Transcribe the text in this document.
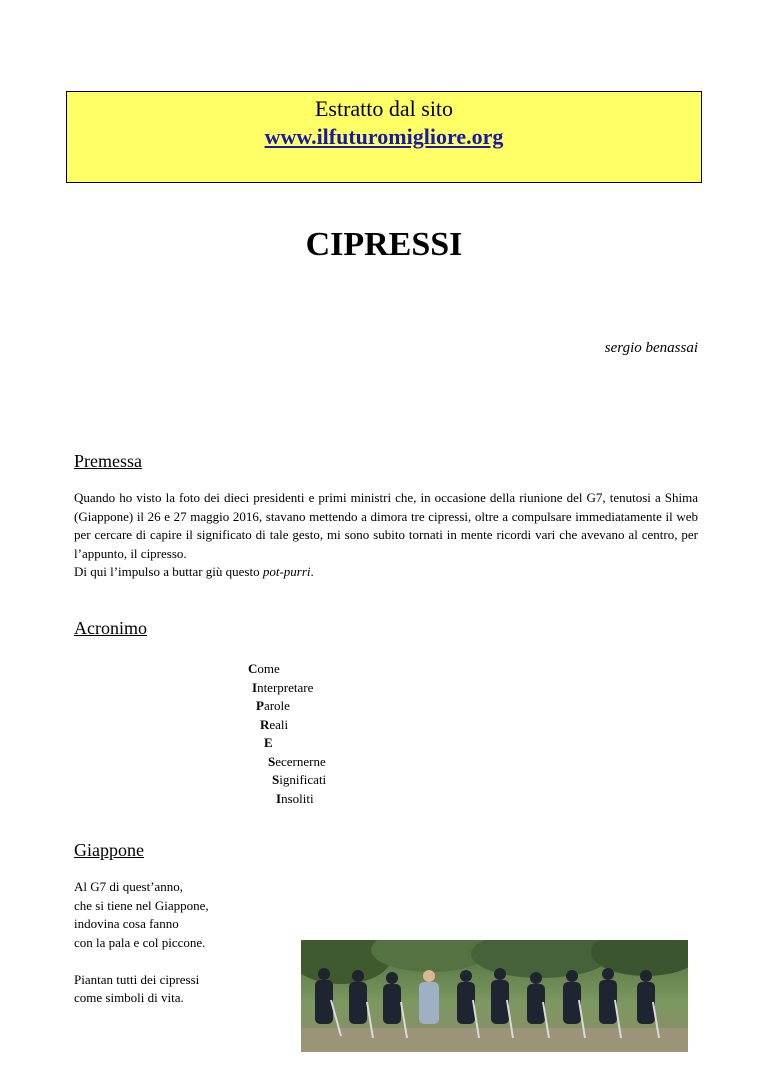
Estratto dal sito
www.ilfuturomigliore.org
CIPRESSI
sergio benassai
Premessa

Quando ho visto la foto dei dieci presidenti e primi ministri che, in occasione della riunione del G7, tenutosi a Shima (Giappone) il 26 e 27 maggio 2016, stavano mettendo a dimora tre cipressi, oltre a compulsare immediatamente il web per cercare di capire il significato di tale gesto, mi sono subito tornati in mente ricordi vari che avevano al centro, per l’appunto, il cipresso.

Di qui l’impulso a buttar giù questo pot-purri.

Acronimo
Come
Interpretare
Parole
Reali
E
Secernerne
Significati
Insoliti
Giappone
Al G7 di quest’anno,
che si tiene nel Giappone,
indovina cosa fanno
con la pala e col piccone.
Piantan tutti dei cipressi
come simboli di vita.
